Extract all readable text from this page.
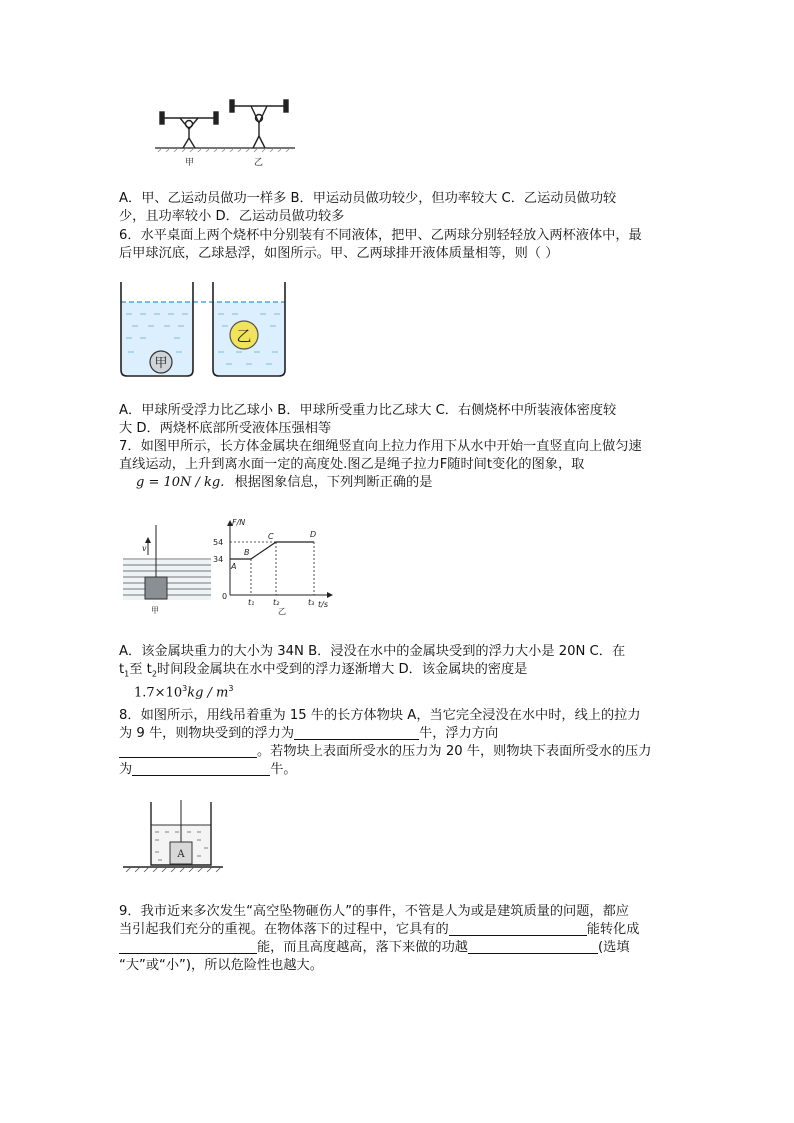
甲	乙
A．甲、乙运动员做功一样多 B．甲运动员做功较少，但功率较大 C．乙运动员做功较
少，且功率较小 D．乙运动员做功较多
6．水平桌面上两个烧杯中分别装有不同液体，把甲、乙两球分别轻轻放入两杯液体中，最
后甲球沉底，乙球悬浮，如图所示。甲、乙两球排开液体质量相等，则（ ）
甲
乙
A．甲球所受浮力比乙球小 B．甲球所受重力比乙球大 C．右侧烧杯中所装液体密度较
大 D．两烧杯底部所受液体压强相等
7．如图甲所示，长方体金属块在细绳竖直向上拉力作用下从水中开始一直竖直向上做匀速
直线运动，上升到离水面一定的高度处.图乙是绳子拉力F随时间t变化的图象，取
g = 10N / kg. 根据图象信息，下列判断正确的是
v
甲
F/N
t/s
0
54
34
A
B
C	D
t₁ t₂	t₃
乙
A．该金属块重力的大小为 34N B．浸没在水中的金属块受到的浮力大小是 20N C．在
$t_1$至 $t_2$时间段金属块在水中受到的浮力逐渐增大 D．该金属块的密度是
$1.7\times 10^3kg / m^3$
8．如图所示，用线吊着重为 15 牛的长方体物块 A，当它完全浸没在水中时，线上的拉力
为 9 牛，则物块受到的浮力为	牛，浮力方向
。若物块上表面所受水的压力为 20 牛，则物块下表面所受水的压力
为	牛。
A
9．我市近来多次发生“高空坠物砸伤人”的事件，不管是人为或是建筑质量的问题，都应
当引起我们充分的重视。在物体落下的过程中，它具有的	能转化成
能，而且高度越高，落下来做的功越	(选填
“大”或“小”)，所以危险性也越大。
